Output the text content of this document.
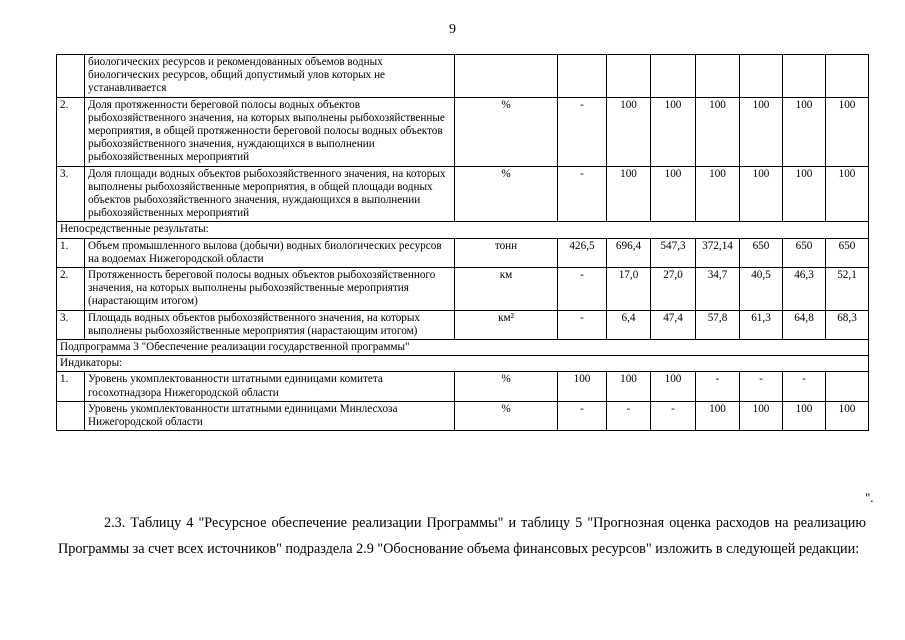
9
	биологических ресурсов и рекомендованных объемов водных биологических ресурсов, общий допустимый улов которых не устанавливается								
2.	Доля протяженности береговой полосы водных объектов рыбохозяйственного значения, на которых выполнены рыбохозяйственные мероприятия, в общей протяженности береговой полосы водных объектов рыбохозяйственного значения, нуждающихся в выполнении рыбохозяйственных мероприятий	%	-	100	100	100	100	100	100
3.	Доля площади водных объектов рыбохозяйственного значения, на которых выполнены рыбохозяйственные мероприятия, в общей площади водных объектов рыбохозяйственного значения, нуждающихся в выполнении рыбохозяйственных мероприятий	%	-	100	100	100	100	100	100
Непосредственные результаты:									
1.	Объем промышленного вылова (добычи) водных биологических ресурсов на водоемах Нижегородской области	тонн	426,5	696,4	547,3	372,14	650	650	650
2.	Протяженность береговой полосы водных объектов рыбохозяйственного значения, на которых выполнены рыбохозяйственные мероприятия (нарастающим итогом)	км	-	17,0	27,0	34,7	40,5	46,3	52,1
3.	Площадь водных объектов рыбохозяйственного значения, на которых выполнены рыбохозяйственные мероприятия (нарастающим итогом)	км²	-	6,4	47,4	57,8	61,3	64,8	68,3
Подпрограмма 3 "Обеспечение реализации государственной программы"									
Индикаторы:									
1.	Уровень укомплектованности штатными единицами комитета госохотнадзора Нижегородской области	%	100	100	100	-	-	-	
	Уровень укомплектованности штатными единицами Минлесхоза Нижегородской области	%	-	-	-	100	100	100	100
".

2.3. Таблицу 4 "Ресурсное обеспечение реализации Программы" и таблицу 5 "Прогнозная оценка расходов на реализацию Программы за счет всех источников" подраздела 2.9 "Обоснование объема финансовых ресурсов" изложить в следующей редакции:
